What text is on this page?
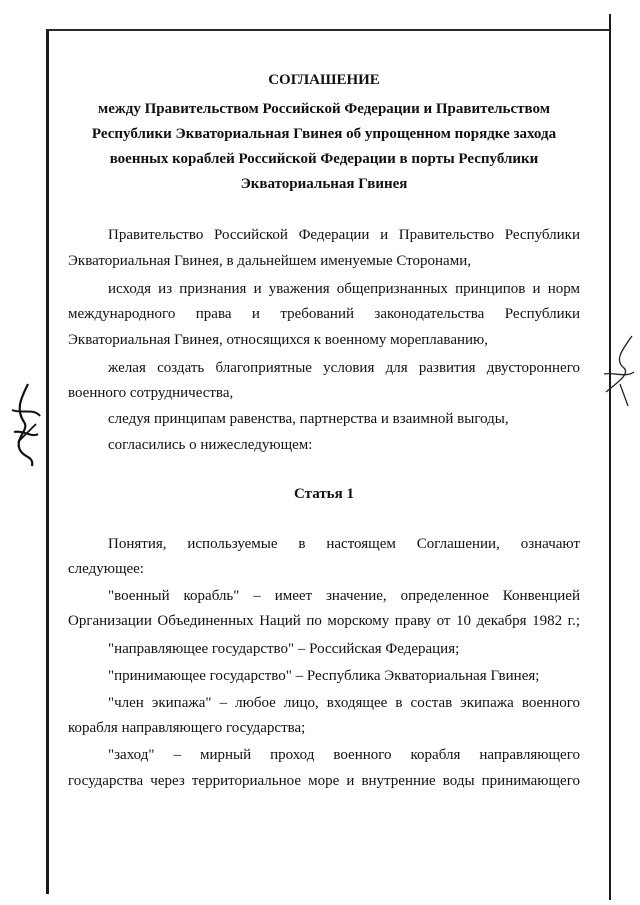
СОГЛАШЕНИЕ
между Правительством Российской Федерации и Правительством
Республики Экваториальная Гвинея об упрощенном порядке захода
военных кораблей Российской Федерации в порты Республики
Экваториальная Гвинея
Правительство Российской Федерации и Правительство Республики
Экваториальная Гвинея, в дальнейшем именуемые Сторонами,
исходя из признания и уважения общепризнанных принципов и норм
международного права и требований законодательства Республики
Экваториальная Гвинея, относящихся к военному мореплаванию,
желая создать благоприятные условия для развития двустороннего
военного сотрудничества,
следуя принципам равенства, партнерства и взаимной выгоды,
согласились о нижеследующем:
Статья 1
Понятия, используемые в настоящем Соглашении, означают
следующее:
"военный корабль" – имеет значение, определенное Конвенцией
Организации Объединенных Наций по морскому праву от 10 декабря 1982 г.;
"направляющее государство" – Российская Федерация;
"принимающее государство" – Республика Экваториальная Гвинея;
"член экипажа" – любое лицо, входящее в состав экипажа военного
корабля направляющего государства;
"заход" – мирный проход военного корабля направляющего
государства через территориальное море и внутренние воды принимающего
